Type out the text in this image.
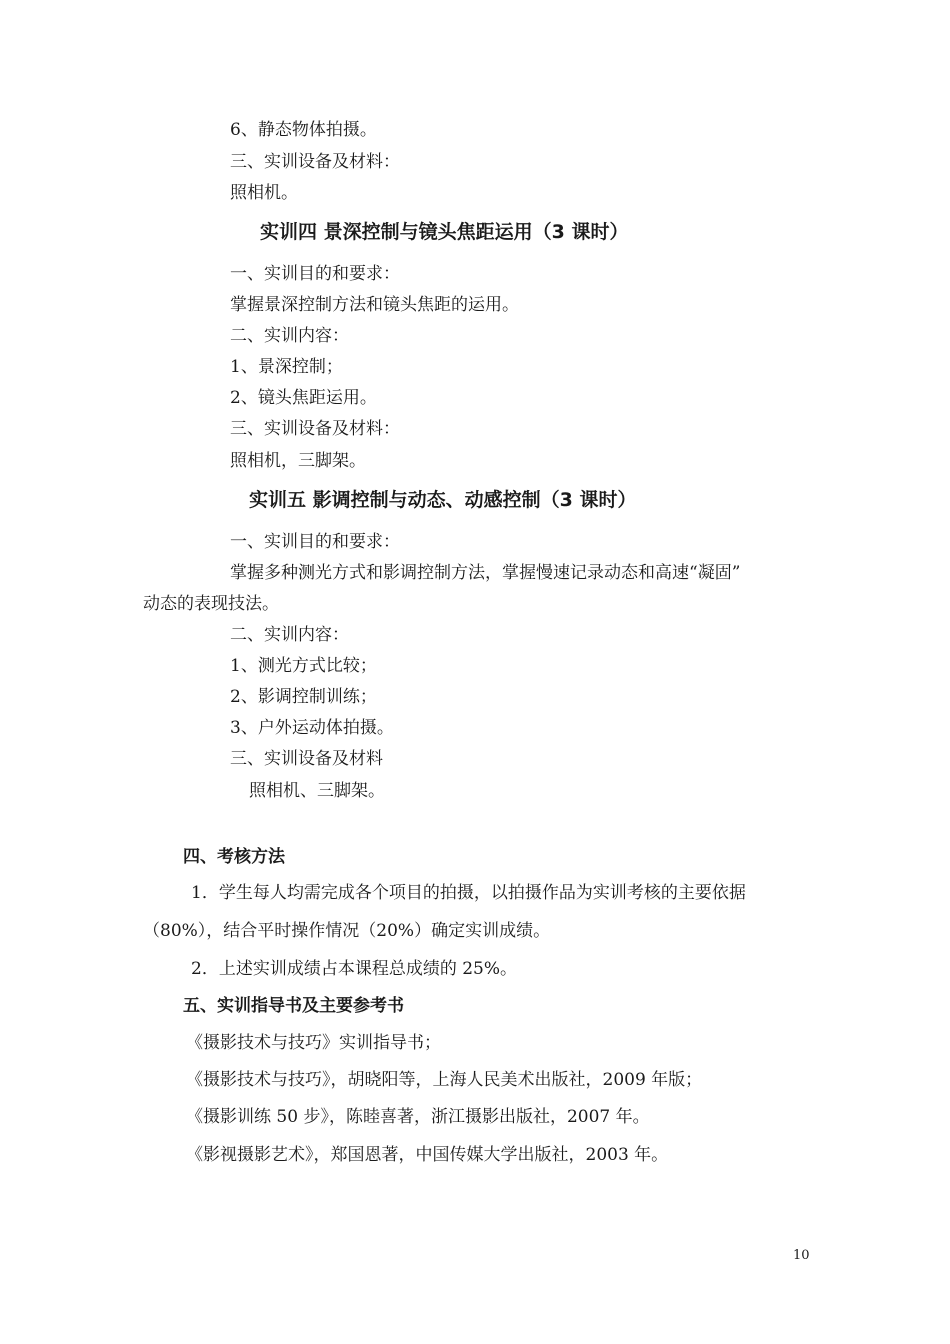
6、静态物体拍摄。
三、实训设备及材料：
照相机。
实训四 景深控制与镜头焦距运用（3 课时）
一、实训目的和要求：
掌握景深控制方法和镜头焦距的运用。
二、实训内容：
1、景深控制；
2、镜头焦距运用。
三、实训设备及材料：
照相机，三脚架。
实训五 影调控制与动态、动感控制（3 课时）
一、实训目的和要求：
掌握多种测光方式和影调控制方法，掌握慢速记录动态和高速“凝固”
动态的表现技法。
二、实训内容：
1、测光方式比较；
2、影调控制训练；
3、户外运动体拍摄。
三、实训设备及材料
照相机、三脚架。
四、考核方法
1．学生每人均需完成各个项目的拍摄，以拍摄作品为实训考核的主要依据
（80%），结合平时操作情况（20%）确定实训成绩。
2．上述实训成绩占本课程总成绩的 25%。
五、实训指导书及主要参考书
《摄影技术与技巧》实训指导书；
《摄影技术与技巧》，胡晓阳等，上海人民美术出版社，2009 年版；
《摄影训练 50 步》，陈睦喜著，浙江摄影出版社，2007 年。
《影视摄影艺术》，郑国恩著，中国传媒大学出版社，2003 年。
10
